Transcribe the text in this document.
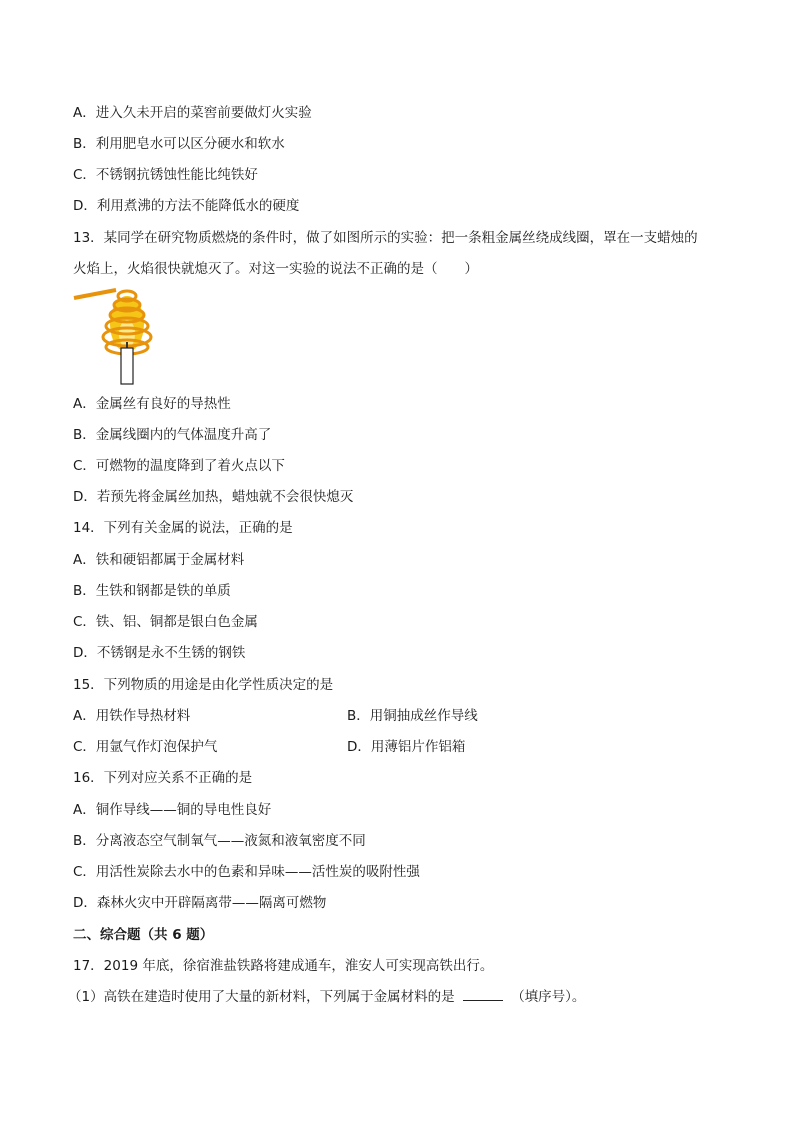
A．进入久未开启的菜窖前要做灯火实验
B．利用肥皂水可以区分硬水和软水
C．不锈钢抗锈蚀性能比纯铁好
D．利用煮沸的方法不能降低水的硬度
13．某同学在研究物质燃烧的条件时，做了如图所示的实验：把一条粗金属丝绕成线圈，罩在一支蜡烛的
火焰上，火焰很快就熄灭了。对这一实验的说法不正确的是（　　）
A．金属丝有良好的导热性
B．金属线圈内的气体温度升高了
C．可燃物的温度降到了着火点以下
D．若预先将金属丝加热，蜡烛就不会很快熄灭
14．下列有关金属的说法，正确的是
A．铁和硬铝都属于金属材料
B．生铁和钢都是铁的单质
C．铁、铝、铜都是银白色金属
D．不锈钢是永不生锈的钢铁
15．下列物质的用途是由化学性质决定的是
A．用铁作导热材料	B．用铜抽成丝作导线
C．用氩气作灯泡保护气	D．用薄铝片作铝箱
16．下列对应关系不正确的是
A．铜作导线——铜的导电性良好
B．分离液态空气制氧气——液氮和液氧密度不同
C．用活性炭除去水中的色素和异味——活性炭的吸附性强
D．森林火灾中开辟隔离带——隔离可燃物
二、综合题（共 6 题）
17．2019 年底，徐宿淮盐铁路将建成通车，淮安人可实现高铁出行。
（1）高铁在建造时使用了大量的新材料，下列属于金属材料的是	（填序号）。
